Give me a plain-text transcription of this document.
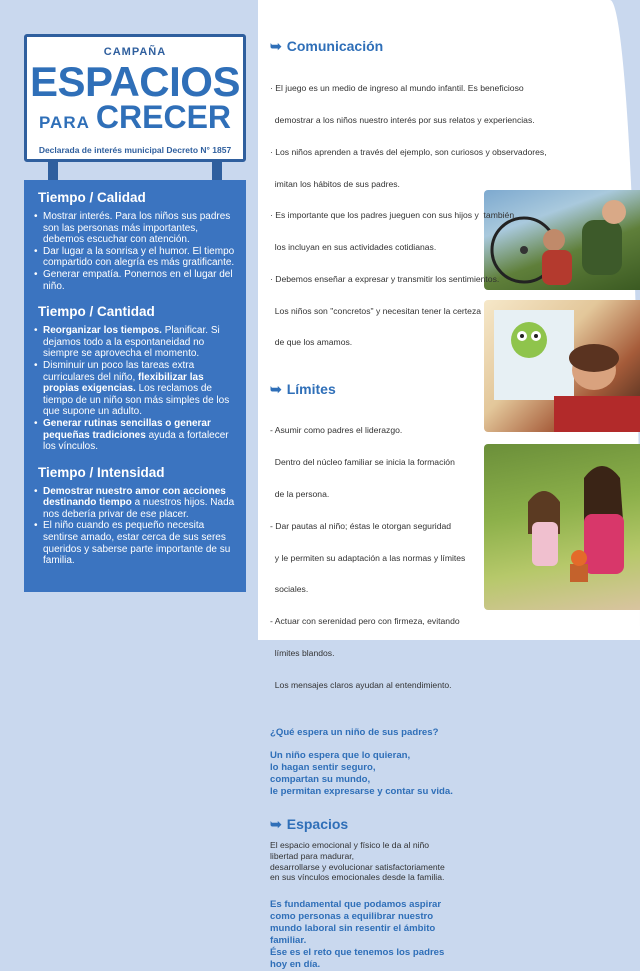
CAMPAÑA
ESPACIOS
PARA CRECER
Declarada de interés municipal Decreto N° 1857
Tiempo / Calidad
• Mostrar interés. Para los niños sus padres son las personas más importantes, debemos escuchar con atención.
• Dar lugar a la sonrisa y el humor. El tiempo compartido con alegría es más gratificante.
• Generar empatía. Ponernos en el lugar del niño.
Tiempo / Cantidad
• Reorganizar los tiempos. Planificar. Si dejamos todo a la espontaneidad no siempre se aprovecha el momento.
• Disminuir un poco las tareas extra curriculares del niño, flexibilizar las propias exigencias. Los reclamos de tiempo de un niño son más simples de los que supone un adulto.
• Generar rutinas sencillas o generar pequeñas tradiciones ayuda a fortalecer los vínculos.
Tiempo / Intensidad
• Demostrar nuestro amor con acciones destinando tiempo a nuestros hijos. Nada nos debería privar de ese placer.
• El niño cuando es pequeño necesita sentirse amado, estar cerca de sus seres queridos y saberse parte importante de su familia.
➥ Comunicación

· El juego es un medio de ingreso al mundo infantil. Es beneficioso

demostrar a los niños nuestro interés por sus relatos y experiencias.

· Los niños aprenden a través del ejemplo, son curiosos y observadores,

imitan los hábitos de sus padres.

· Es importante que los padres jueguen con sus hijos y  también

los incluyan en sus actividades cotidianas.

· Debemos enseñar a expresar y transmitir los sentimientos.

Los niños son "concretos" y necesitan tener la certeza

de que los amamos.

➥ Límites

- Asumir como padres el liderazgo.

Dentro del núcleo familiar se inicia la formación

de la persona.

- Dar pautas al niño; éstas le otorgan seguridad

y le permiten su adaptación a las normas y límites

sociales.

- Actuar con serenidad pero con firmeza, evitando

límites blandos.

Los mensajes claros ayudan al entendimiento.

¿Qué espera un niño de sus padres?

Un niño espera que lo quieran,

lo hagan sentir seguro,

compartan su mundo,

le permitan expresarse y contar su vida.

➥ Espacios

El espacio emocional y físico le da al niño

libertad para madurar,

desarrollarse y evolucionar satisfactoriamente

en sus vínculos emocionales desde la familia.

Es fundamental que podamos aspirar

como personas a equilibrar nuestro

mundo laboral sin resentir el ámbito

familiar.

Ése es el reto que tenemos los padres

hoy en día.
